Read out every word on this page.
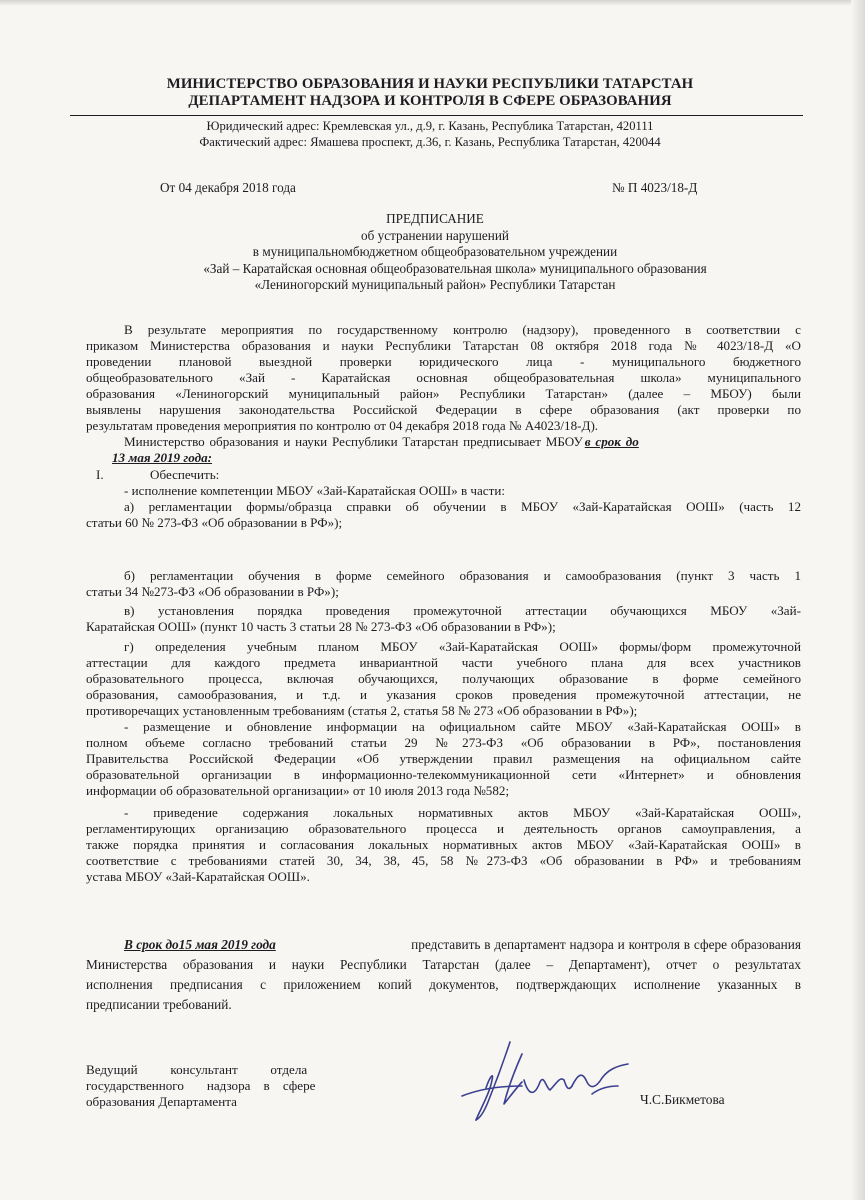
МИНИСТЕРСТВО ОБРАЗОВАНИЯ И НАУКИ РЕСПУБЛИКИ ТАТАРСТАН
ДЕПАРТАМЕНТ НАДЗОРА И КОНТРОЛЯ В СФЕРЕ ОБРАЗОВАНИЯ
Юридический адрес: Кремлевская ул., д.9, г. Казань, Республика Татарстан, 420111
Фактический адрес: Ямашева проспект, д.36, г. Казань, Республика Татарстан, 420044
От 04 декабря 2018 года	№ П 4023/18-Д
ПРЕДПИСАНИЕ
об устранении нарушений
в муниципальномбюджетном общеобразовательном учреждении
«Зай – Каратайская основная общеобразовательная школа» муниципального образования
«Лениногорский муниципальный район» Республики Татарстан
В результате мероприятия по государственному контролю (надзору), проведенного в соответствии с
приказом Министерства образования и науки Республики Татарстан 08 октября 2018 года № 4023/18-Д «О
проведении плановой выездной проверки юридического лица - муниципального бюджетного
общеобразовательного «Зай - Каратайская основная общеобразовательная школа» муниципального
образования «Лениногорский муниципальный район» Республики Татарстан» (далее – МБОУ) были
выявлены нарушения законодательства Российской Федерации в сфере образования (акт проверки по
результатам проведения мероприятия по контролю от 04 декабря 2018 года № А4023/18-Д).
Министерство образования и науки Республики Татарстан предписывает МБОУ в срок до
13 мая 2019 года:
I.	Обеспечить:
- исполнение компетенции МБОУ «Зай-Каратайская ООШ» в части:
а) регламентации формы/образца справки об обучении в МБОУ «Зай-Каратайская ООШ» (часть 12
статьи 60 № 273-ФЗ «Об образовании в РФ»);
б) регламентации обучения в форме семейного образования и самообразования (пункт 3 часть 1
статьи 34 №273-ФЗ «Об образовании в РФ»);
в) установления порядка проведения промежуточной аттестации обучающихся МБОУ «Зай-
Каратайская ООШ» (пункт 10 часть 3 статьи 28 № 273-ФЗ «Об образовании в РФ»);
г) определения учебным планом МБОУ «Зай-Каратайская ООШ» формы/форм промежуточной
аттестации для каждого предмета инвариантной части учебного плана для всех участников
образовательного процесса, включая обучающихся, получающих образование в форме семейного
образования, самообразования, и т.д. и указания сроков проведения промежуточной аттестации, не
противоречащих установленным требованиям (статья 2, статья 58 № 273 «Об образовании в РФ»);
- размещение и обновление информации на официальном сайте МБОУ «Зай-Каратайская ООШ» в
полном объеме согласно требований статьи 29 №273-ФЗ «Об образовании в РФ», постановления
Правительства Российской Федерации «Об утверждении правил размещения на официальном сайте
образовательной организации в информационно-телекоммуникационной сети «Интернет» и обновления
информации об образовательной организации» от 10 июля 2013 года №582;
- приведение содержания локальных нормативных актов МБОУ «Зай-Каратайская ООШ»,
регламентирующих организацию образовательного процесса и деятельность органов самоуправления, а
также порядка принятия и согласования локальных нормативных актов МБОУ «Зай-Каратайская ООШ» в
соответствие с требованиями статей 30, 34, 38, 45, 58 №273-ФЗ «Об образовании в РФ» и требованиям
устава МБОУ «Зай-Каратайская ООШ».
В срок до15 мая 2019 года	представить в департамент надзора и контроля в сфере образования
Министерства образования и науки Республики Татарстан (далее – Департамент), отчет о результатах
исполнения предписания с приложением копий документов, подтверждающих исполнение указанных в
предписании требований.
Ведущий          консультант          отдела
государственного       надзора    в    сфере
образования Департамента	Ч.С.Бикметова
